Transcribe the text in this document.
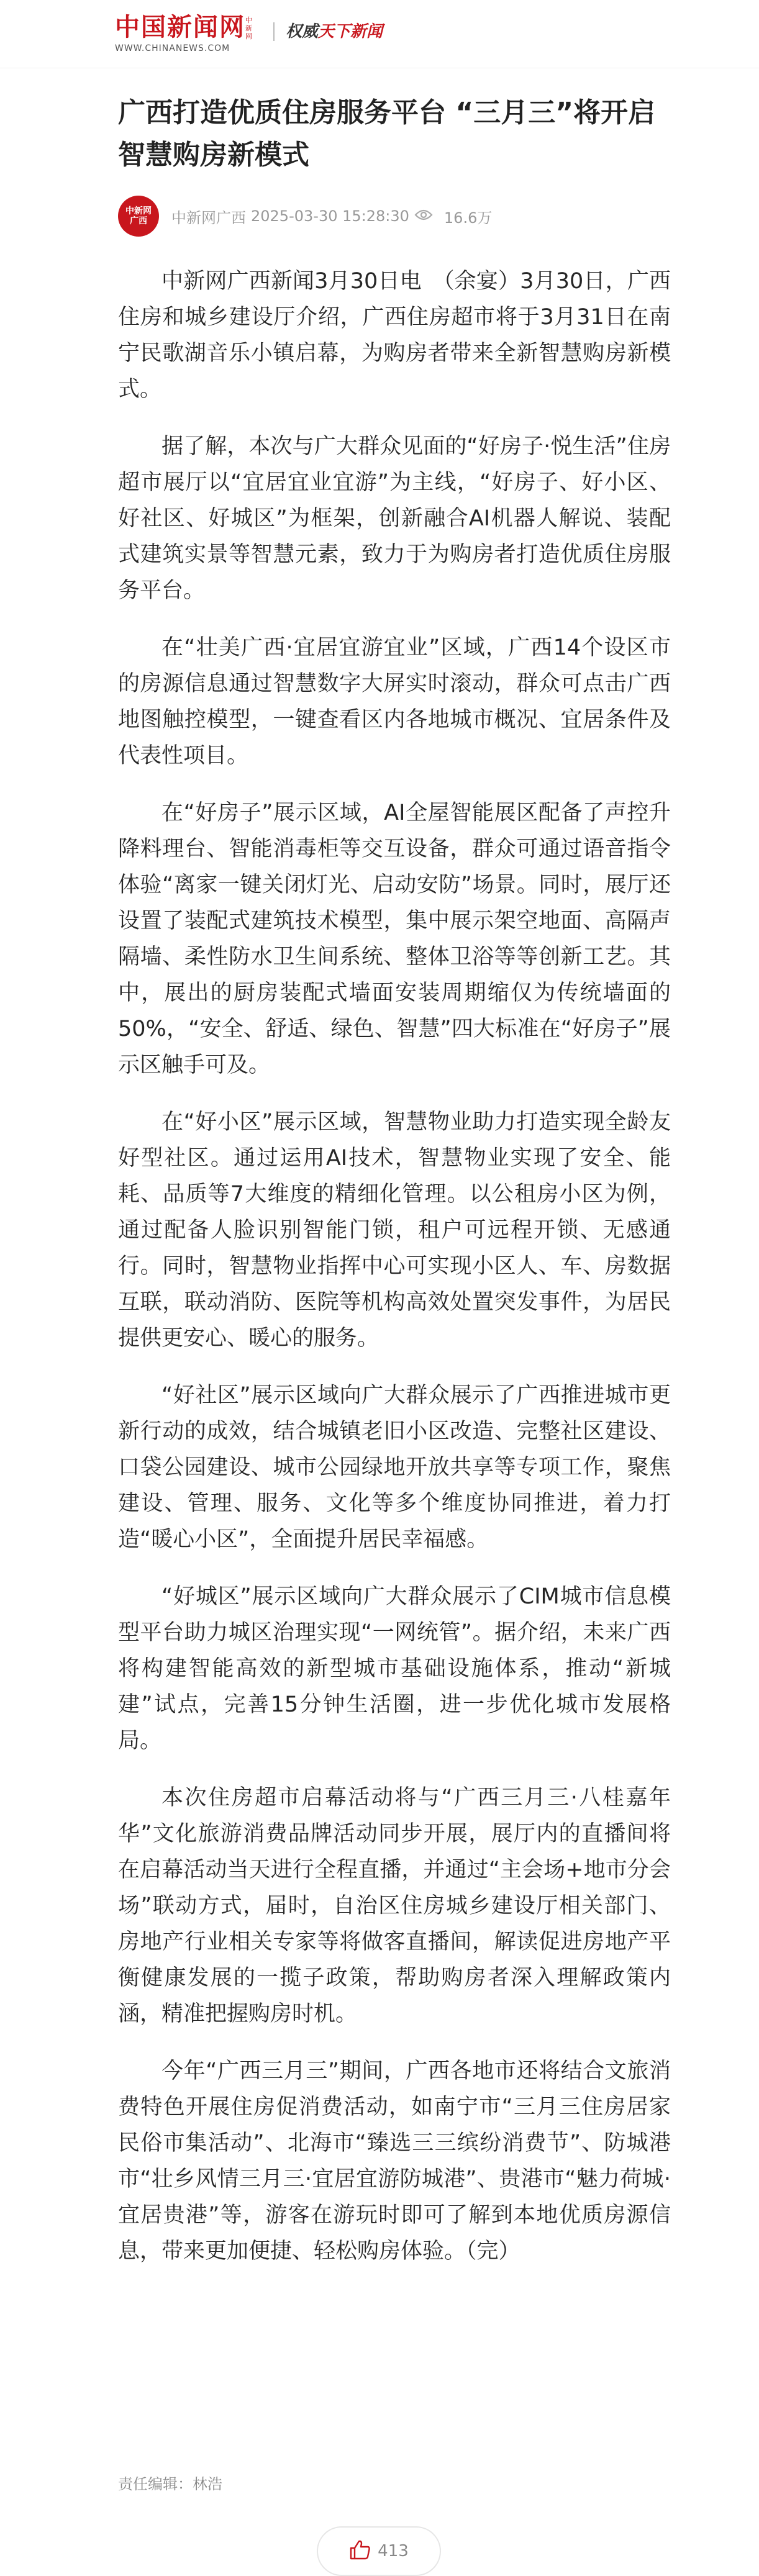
中国新闻网 中新网
WWW.CHINANEWS.COM
权威天下新闻
广西打造优质住房服务平台 “三月三”将开启智慧购房新模式
中新网
广西 中新网广西 2025-03-30 15:28:30 16.6万

中新网广西新闻3月30日电　（余宴）3月30日，广西住房和城乡建设厅介绍，广西住房超市将于3月31日在南宁民歌湖音乐小镇启幕，为购房者带来全新智慧购房新模式。

据了解，本次与广大群众见面的“好房子·悦生活”住房超市展厅以“宜居宜业宜游”为主线，“好房子、好小区、好社区、好城区”为框架，创新融合AI机器人解说、装配式建筑实景等智慧元素，致力于为购房者打造优质住房服务平台。

在“壮美广西·宜居宜游宜业”区域，广西14个设区市的房源信息通过智慧数字大屏实时滚动，群众可点击广西地图触控模型，一键查看区内各地城市概况、宜居条件及代表性项目。

在“好房子”展示区域，AI全屋智能展区配备了声控升降料理台、智能消毒柜等交互设备，群众可通过语音指令体验“离家一键关闭灯光、启动安防”场景。同时，展厅还设置了装配式建筑技术模型，集中展示架空地面、高隔声隔墙、柔性防水卫生间系统、整体卫浴等等创新工艺。其中，展出的厨房装配式墙面安装周期缩仅为传统墙面的50%，“安全、舒适、绿色、智慧”四大标准在“好房子”展示区触手可及。

在“好小区”展示区域，智慧物业助力打造实现全龄友好型社区。通过运用AI技术，智慧物业实现了安全、能耗、品质等7大维度的精细化管理。以公租房小区为例，通过配备人脸识别智能门锁，租户可远程开锁、无感通行。同时，智慧物业指挥中心可实现小区人、车、房数据互联，联动消防、医院等机构高效处置突发事件，为居民提供更安心、暖心的服务。

“好社区”展示区域向广大群众展示了广西推进城市更新行动的成效，结合城镇老旧小区改造、完整社区建设、口袋公园建设、城市公园绿地开放共享等专项工作，聚焦建设、管理、服务、文化等多个维度协同推进，着力打造“暖心小区”，全面提升居民幸福感。

“好城区”展示区域向广大群众展示了CIM城市信息模型平台助力城区治理实现“一网统管”。据介绍，未来广西将构建智能高效的新型城市基础设施体系，推动“新城建”试点，完善15分钟生活圈，进一步优化城市发展格局。

本次住房超市启幕活动将与“广西三月三·八桂嘉年华”文化旅游消费品牌活动同步开展，展厅内的直播间将在启幕活动当天进行全程直播，并通过“主会场+地市分会场”联动方式，届时，自治区住房城乡建设厅相关部门、房地产行业相关专家等将做客直播间，解读促进房地产平衡健康发展的一揽子政策，帮助购房者深入理解政策内涵，精准把握购房时机。

今年“广西三月三”期间，广西各地市还将结合文旅消费特色开展住房促消费活动，如南宁市“三月三住房居家民俗市集活动”、北海市“臻选三三缤纷消费节”、防城港市“壮乡风情三月三·宜居宜游防城港”、贵港市“魅力荷城·宜居贵港”等，游客在游玩时即可了解到本地优质房源信息，带来更加便捷、轻松购房体验。（完）

责任编辑：林浩
413
